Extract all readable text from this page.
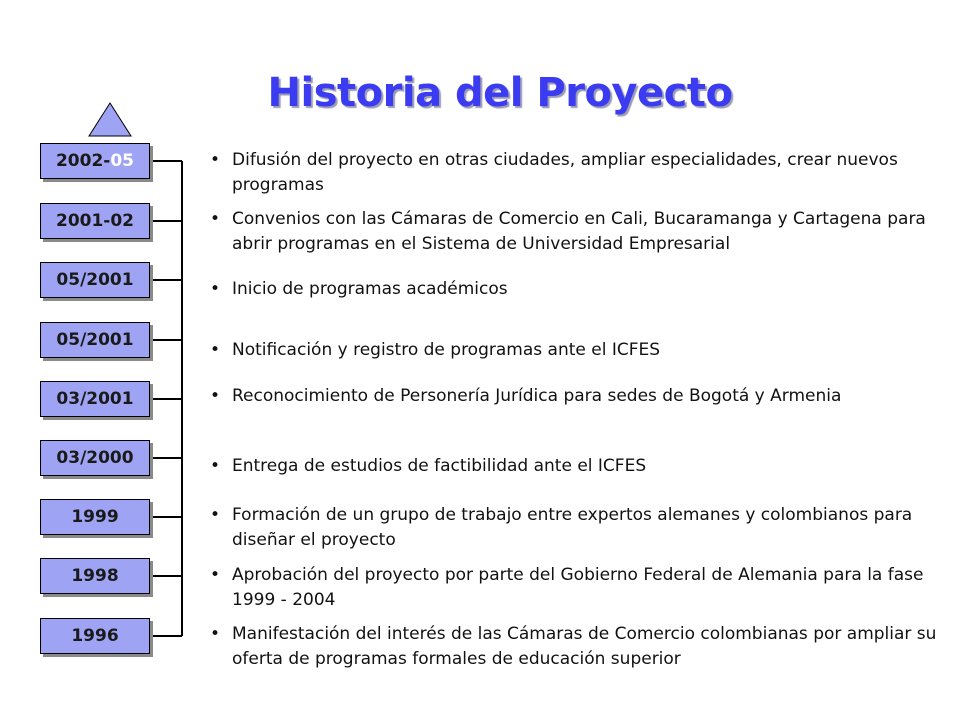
Historia del Proyecto
2002-05
2001-02
05/2001
05/2001
03/2001
03/2000
1999
1998
1996
• Difusión del proyecto en otras ciudades, ampliar especialidades, crear nuevos programas
• Convenios con las Cámaras de Comercio en Cali, Bucaramanga y Cartagena para abrir programas en el Sistema de Universidad Empresarial
• Inicio de programas académicos
• Notificación y registro de programas ante el ICFES
• Reconocimiento de Personería Jurídica para sedes de Bogotá y Armenia
• Entrega de estudios de factibilidad ante el ICFES
• Formación de un grupo de trabajo entre expertos alemanes y colombianos para diseñar el proyecto
• Aprobación del proyecto por parte del Gobierno Federal de Alemania para la fase 1999 - 2004
• Manifestación del interés de las Cámaras de Comercio colombianas por ampliar su oferta de programas formales de educación superior
